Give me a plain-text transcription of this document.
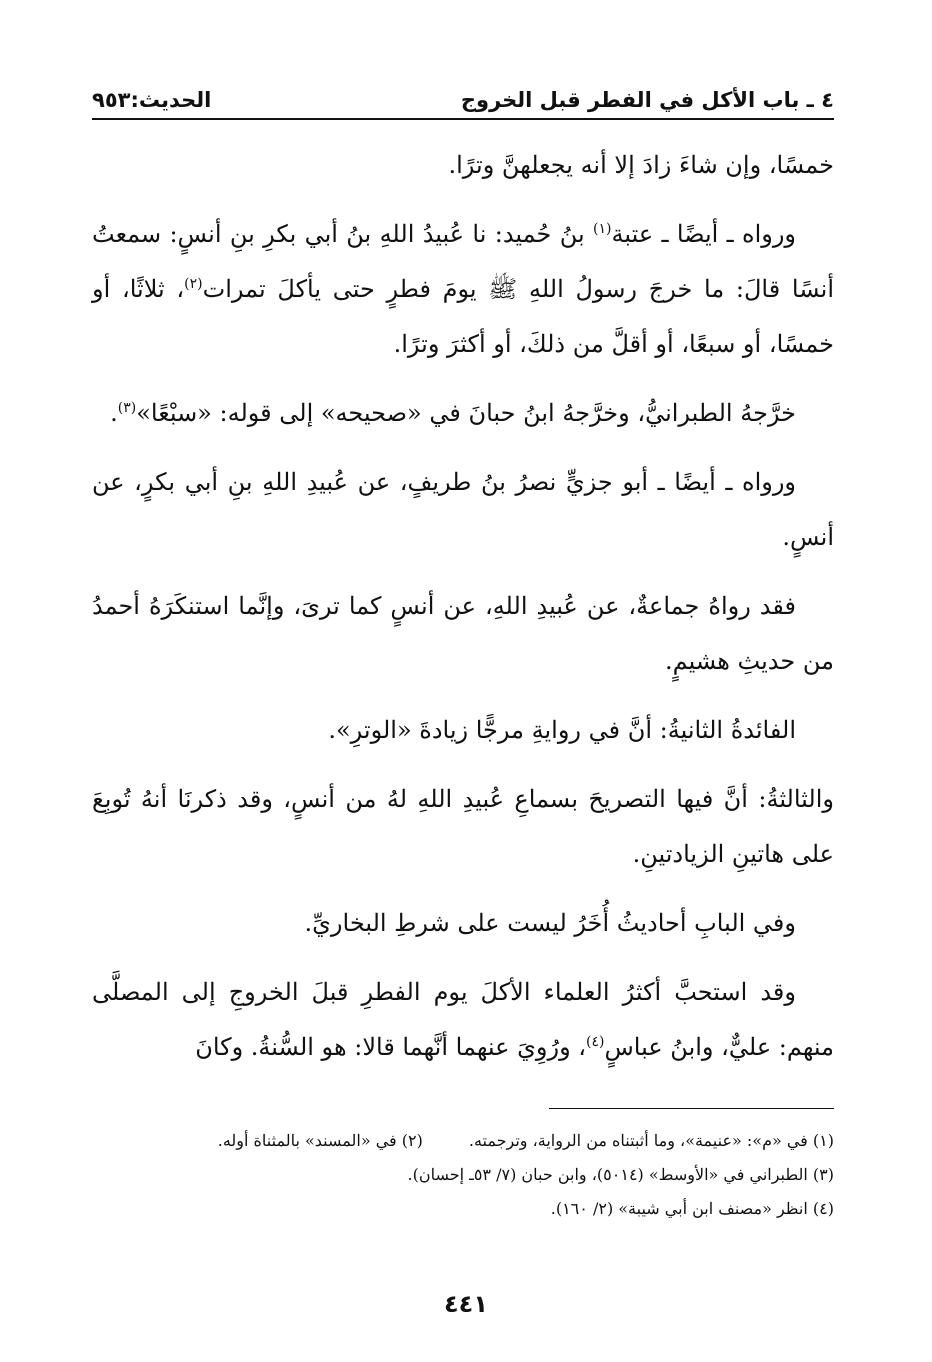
٤ ـ باب الأكل في الفطر قبل الخروج
الحديث:٩٥٣

خمسًا، وإن شاءَ زادَ إلا أنه يجعلهنَّ وترًا.

ورواه ـ أيضًا ـ عتبة$^{(١)}$ بنُ حُميد: نا عُبيدُ اللهِ بنُ أبي بكرِ بنِ أنسٍ: سمعتُ أنسًا قالَ: ما خرجَ رسولُ اللهِ ﷺ يومَ فطرٍ حتى يأكلَ تمرات$^{(٢)}$، ثلاثًا، أو خمسًا، أو سبعًا، أو أقلَّ من ذلكَ، أو أكثرَ وترًا.

خرَّجهُ الطبرانيُّ، وخرَّجهُ ابنُ حبانَ في «صحيحه» إلى قوله: «سبْعًا»$^{(٣)}$.

ورواه ـ أيضًا ـ أبو جزيٍّ نصرُ بنُ طريفٍ، عن عُبيدِ اللهِ بنِ أبي بكرٍ، عن أنسٍ.

فقد رواهُ جماعةٌ، عن عُبيدِ اللهِ، عن أنسٍ كما ترىَ، وإنَّما استنكَرَهُ أحمدُ من حديثِ هشيمٍ.

الفائدةُ الثانيةُ: أنَّ في روايةِ مرجًّا زيادةَ «الوترِ».

والثالثةُ: أنَّ فيها التصريحَ بسماعِ عُبيدِ اللهِ لهُ من أنسٍ، وقد ذكرنَا أنهُ تُوبِعَ على هاتينِ الزيادتينِ.

وفي البابِ أحاديثُ أُخَرُ ليست على شرطِ البخاريِّ.

وقد استحبَّ أكثرُ العلماء الأكلَ يوم الفطرِ قبلَ الخروجِ إلى المصلَّى منهم: عليٌّ، وابنُ عباسٍ$^{(٤)}$، ورُوِيَ عنهما أنَّهما قالا: هو السُّنةُ. وكانَ

(١) في «م»: «عنيمة»، وما أثبتناه من الرواية، وترجمته.
(٢) في «المسند» بالمثناة أوله.
(٣) الطبراني في «الأوسط» (٥٠١٤)، وابن حبان (٧/ ٥٣ـ إحسان).
(٤) انظر «مصنف ابن أبي شيبة» (٢/ ١٦٠).
٤٤١
